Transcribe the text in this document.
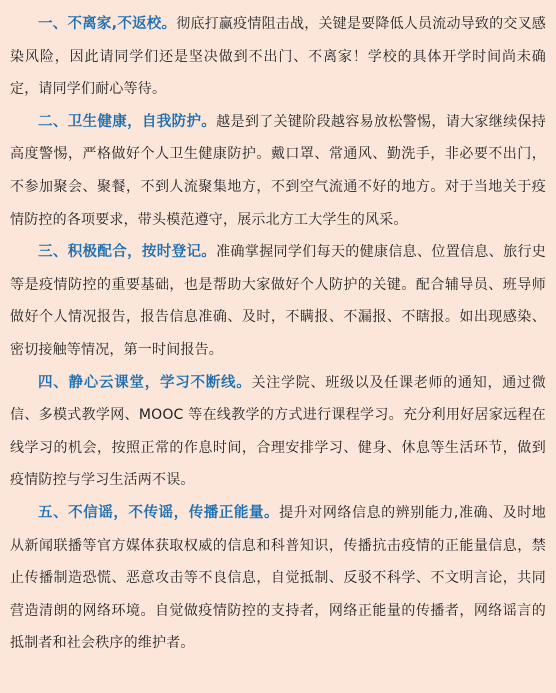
一、不离家,不返校。彻底打赢疫情阻击战，关键是要降低人员流动导致的交叉感染风险，因此请同学们还是坚决做到不出门、不离家！学校的具体开学时间尚未确定，请同学们耐心等待。

二、卫生健康，自我防护。越是到了关键阶段越容易放松警惕，请大家继续保持高度警惕，严格做好个人卫生健康防护。戴口罩、常通风、勤洗手，非必要不出门，不参加聚会、聚餐，不到人流聚集地方，不到空气流通不好的地方。对于当地关于疫情防控的各项要求，带头模范遵守，展示北方工大学生的风采。

三、积极配合，按时登记。准确掌握同学们每天的健康信息、位置信息、旅行史等是疫情防控的重要基础，也是帮助大家做好个人防护的关键。配合辅导员、班导师做好个人情况报告，报告信息准确、及时，不瞒报、不漏报、不瞎报。如出现感染、密切接触等情况，第一时间报告。

四、静心云课堂，学习不断线。关注学院、班级以及任课老师的通知，通过微信、多模式教学网、MOOC 等在线教学的方式进行课程学习。充分利用好居家远程在线学习的机会，按照正常的作息时间，合理安排学习、健身、休息等生活环节，做到疫情防控与学习生活两不误。

五、不信谣，不传谣，传播正能量。提升对网络信息的辨别能力,准确、及时地从新闻联播等官方媒体获取权威的信息和科普知识，传播抗击疫情的正能量信息，禁止传播制造恐慌、恶意攻击等不良信息，自觉抵制、反驳不科学、不文明言论，共同营造清朗的网络环境。自觉做疫情防控的支持者，网络正能量的传播者，网络谣言的抵制者和社会秩序的维护者。
